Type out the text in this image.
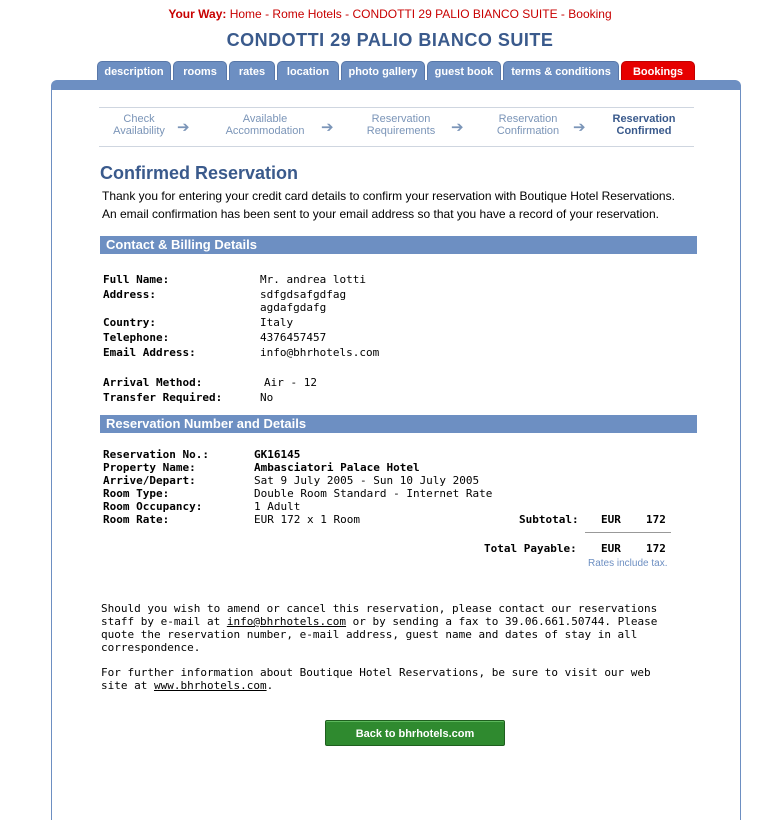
Your Way: Home - Rome Hotels - CONDOTTI 29 PALIO BIANCO SUITE - Booking
CONDOTTI 29 PALIO BIANCO SUITE
description	rooms	rates	location	photo gallery	guest book	terms & conditions	Bookings
Check
Availability ➔	Available
Accommodation	➔	Reservation
Requirements	➔	Reservation
Confirmation ➔	Reservation
Confirmed
Confirmed Reservation
Thank you for entering your credit card details to confirm your reservation with Boutique Hotel Reservations.
An email confirmation has been sent to your email address so that you have a record of your reservation.
Contact & Billing Details
Full Name:	Mr. andrea lotti
Address:	sdfgdsafgdfag
agdafgdafg
Country:	Italy
Telephone:	4376457457
Email Address:	info@bhrhotels.com
Arrival Method:	Air - 12
Transfer Required:	No
Reservation Number and Details
Reservation No.:	GK16145
Property Name:	Ambasciatori Palace Hotel
Arrive/Depart:	Sat 9 July 2005 - Sun 10 July 2005
Room Type:	Double Room Standard - Internet Rate
Room Occupancy:	1 Adult
Room Rate:	EUR 172 x 1 Room	Subtotal: EUR 172
Total Payable: EUR 172
Rates include tax.
Should you wish to amend or cancel this reservation, please contact our reservations staff by e-mail at info@bhrhotels.com or by sending a fax to 39.06.661.50744. Please quote the reservation number, e-mail address, guest name and dates of stay in all correspondence.
For further information about Boutique Hotel Reservations, be sure to visit our web site at www.bhrhotels.com.
Back to bhrhotels.com
